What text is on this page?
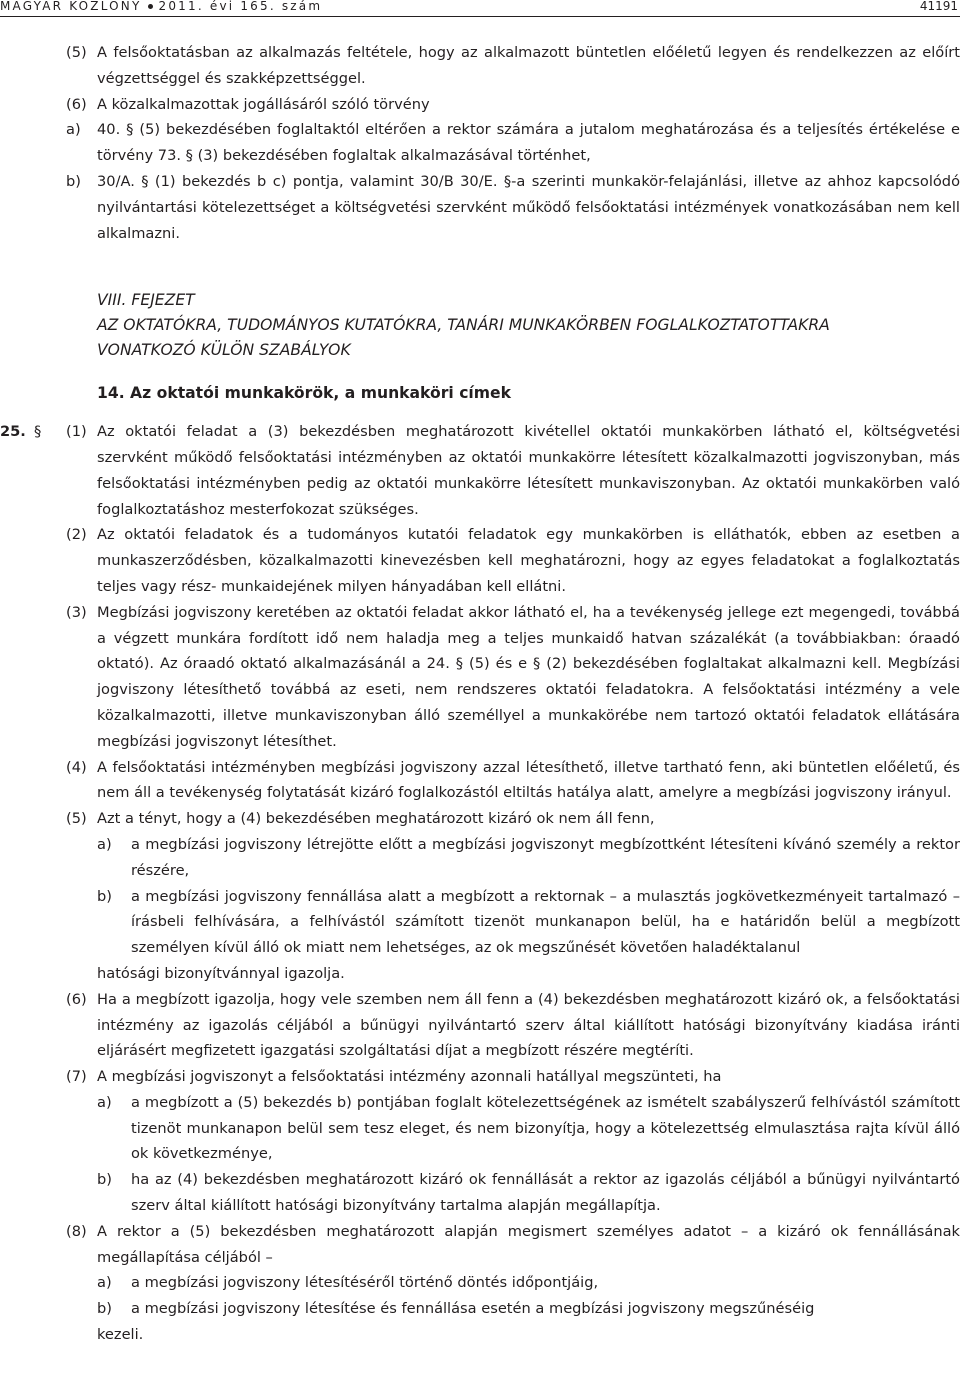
MAGYAR KÖZLÖNY 2011. évi 165. szám	41191
(5) A felsőoktatásban az alkalmazás feltétele, hogy az alkalmazott büntetlen előéletű legyen és rendelkezzen az előírt végzettséggel és szakképzettséggel.

(6) A közalkalmazottak jogállásáról szóló törvény

a)	40. § (5) bekezdésében foglaltaktól eltérően a rektor számára a jutalom meghatározása és a teljesítés értékelése e törvény 73. § (3) bekezdésében foglaltak alkalmazásával történhet,

b)	30/A. § (1) bekezdés b c) pontja, valamint 30/B 30/E. §-a szerinti munkakör-felajánlási, illetve az ahhoz kapcsolódó nyilvántartási kötelezettséget a költségvetési szervként működő felsőoktatási intézmények vonatkozásában nem kell alkalmazni.

VIII. FEJEZET
AZ OKTATÓKRA, TUDOMÁNYOS KUTATÓKRA, TANÁRI MUNKAKÖRBEN FOGLALKOZTATOTTAKRA
VONATKOZÓ KÜLÖN SZABÁLYOK
14. Az oktatói munkakörök, a munkaköri címek
25. § (1) Az oktatói feladat a (3) bekezdésben meghatározott kivétellel oktatói munkakörben látható el, költségvetési szervként működő felsőoktatási intézményben az oktatói munkakörre létesített közalkalmazotti jogviszonyban, más felsőoktatási intézményben pedig az oktatói munkakörre létesített munkaviszonyban. Az oktatói munkakörben való foglalkoztatáshoz mesterfokozat szükséges.

(2) Az oktatói feladatok és a tudományos kutatói feladatok egy munkakörben is elláthatók, ebben az esetben a munkaszerződésben, közalkalmazotti kinevezésben kell meghatározni, hogy az egyes feladatokat a foglalkoztatás teljes vagy rész- munkaidejének milyen hányadában kell ellátni.

(3) Megbízási jogviszony keretében az oktatói feladat akkor látható el, ha a tevékenység jellege ezt megengedi, továbbá a végzett munkára fordított idő nem haladja meg a teljes munkaidő hatvan százalékát (a továbbiakban: óraadó oktató). Az óraadó oktató alkalmazásánál a 24. § (5) és e § (2) bekezdésében foglaltakat alkalmazni kell. Megbízási jogviszony létesíthető továbbá az eseti, nem rendszeres oktatói feladatokra. A felsőoktatási intézmény a vele közalkalmazotti, illetve munkaviszonyban álló személlyel a munkakörébe nem tartozó oktatói feladatok ellátására megbízási jogviszonyt létesíthet.

(4) A felsőoktatási intézményben megbízási jogviszony azzal létesíthető, illetve tartható fenn, aki büntetlen előéletű, és nem áll a tevékenység folytatását kizáró foglalkozástól eltiltás hatálya alatt, amelyre a megbízási jogviszony irányul.

(5) Azt a tényt, hogy a (4) bekezdésében meghatározott kizáró ok nem áll fenn,

a)	a megbízási jogviszony létrejötte előtt a megbízási jogviszonyt megbízottként létesíteni kívánó személy a rektor részére,

b)	a megbízási jogviszony fennállása alatt a megbízott a rektornak – a mulasztás jogkövetkezményeit tartalmazó – írásbeli felhívására, a felhívástól számított tizenöt munkanapon belül, ha e határidőn belül a megbízott személyen kívül álló ok miatt nem lehetséges, az ok megszűnését követően haladéktalanul

hatósági bizonyítvánnyal igazolja.

(6) Ha a megbízott igazolja, hogy vele szemben nem áll fenn a (4) bekezdésben meghatározott kizáró ok, a felsőoktatási intézmény az igazolás céljából a bűnügyi nyilvántartó szerv által kiállított hatósági bizonyítvány kiadása iránti eljárásért megfizetett igazgatási szolgáltatási díjat a megbízott részére megtéríti.

(7) A megbízási jogviszonyt a felsőoktatási intézmény azonnali hatállyal megszünteti, ha

a)	a megbízott a (5) bekezdés b) pontjában foglalt kötelezettségének az ismételt szabályszerű felhívástól számított tizenöt munkanapon belül sem tesz eleget, és nem bizonyítja, hogy a kötelezettség elmulasztása rajta kívül álló ok következménye,

b)	ha az (4) bekezdésben meghatározott kizáró ok fennállását a rektor az igazolás céljából a bűnügyi nyilvántartó szerv által kiállított hatósági bizonyítvány tartalma alapján megállapítja.

(8) A rektor a (5) bekezdésben meghatározott alapján megismert személyes adatot – a kizáró ok fennállásának megállapítása céljából –

a)	a megbízási jogviszony létesítéséről történő döntés időpontjáig,

b)	a megbízási jogviszony létesítése és fennállása esetén a megbízási jogviszony megszűnéséig

kezeli.
